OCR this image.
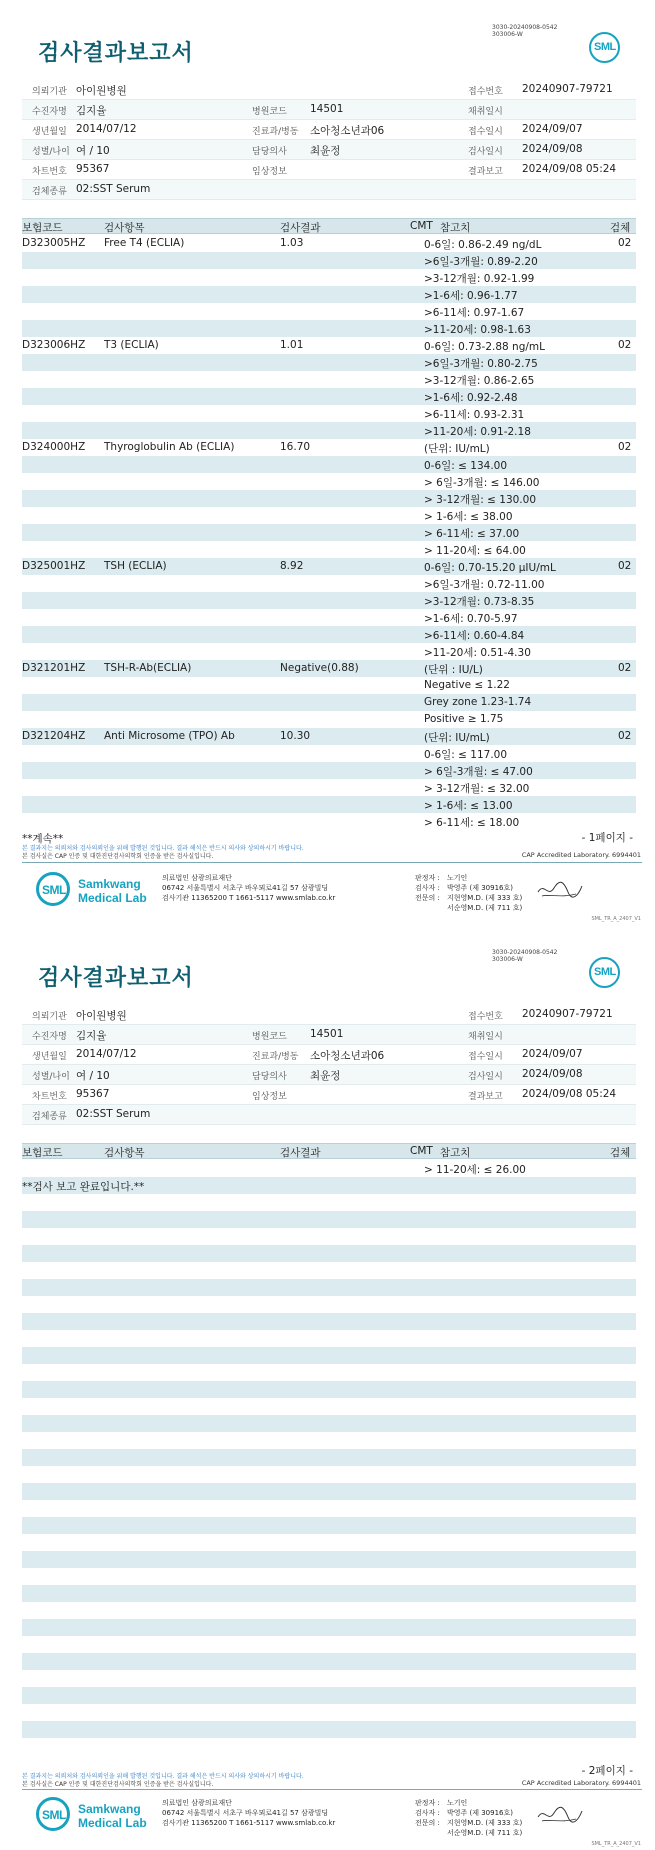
검사결과보고서
3030-20240908-0542
303006-W
SML
의뢰기관 아이원병원	접수번호 20240907-79721
수진자명 김지율	병원코드 14501	채취일시
생년월일 2014/07/12	진료과/병동 소아청소년과06	접수일시 2024/09/07
성별/나이 여 / 10	담당의사 최윤정	검사일시 2024/09/08
차트번호 95367	임상정보	결과보고 2024/09/08 05:24
검체종류 02:SST Serum
보험코드	검사항목	검사결과	CMT 참고치	검체
D323005HZ Free T4 (ECLIA)	1.03	0-6일: 0.86-2.49 ng/dL	02
>6일-3개월: 0.89-2.20
>3-12개월: 0.92-1.99
>1-6세: 0.96-1.77
>6-11세: 0.97-1.67
>11-20세: 0.98-1.63
D323006HZ T3 (ECLIA)	1.01	0-6일: 0.73-2.88 ng/mL	02
>6일-3개월: 0.80-2.75
>3-12개월: 0.86-2.65
>1-6세: 0.92-2.48
>6-11세: 0.93-2.31
>11-20세: 0.91-2.18
D324000HZ Thyroglobulin Ab (ECLIA)	16.70	(단위: IU/mL)	02
0-6일: ≤ 134.00
> 6일-3개월: ≤ 146.00
> 3-12개월: ≤ 130.00
> 1-6세: ≤ 38.00
> 6-11세: ≤ 37.00
> 11-20세: ≤ 64.00
D325001HZ TSH (ECLIA)	8.92	0-6일: 0.70-15.20 μIU/mL	02
>6일-3개월: 0.72-11.00
>3-12개월: 0.73-8.35
>1-6세: 0.70-5.97
>6-11세: 0.60-4.84
>11-20세: 0.51-4.30
D321201HZ TSH-R-Ab(ECLIA)	Negative(0.88)	(단위 : IU/L)	02
Negative ≤ 1.22
Grey zone 1.23-1.74
Positive ≥ 1.75
D321204HZ Anti Microsome (TPO) Ab	10.30	(단위: IU/mL)	02
0-6일: ≤ 117.00
> 6일-3개월: ≤ 47.00
> 3-12개월: ≤ 32.00
> 1-6세: ≤ 13.00
> 6-11세: ≤ 18.00
**계속**	- 1페이지 -
본 결과지는 의뢰처와 검사의뢰인을 위해 발행된 것입니다. 결과 해석은 반드시 의사와 상의하시기 바랍니다.
본 검사실은 CAP 인증 및 대한진단검사의학회 인증을 받은 검사실입니다.	CAP Accredited Laboratory. 6994401
SML Samkwang
Medical Lab
의료법인 삼광의료재단
06742 서울특별시 서초구 바우뫼로41길 57 삼광빌딩
검사기관 11365200 T 1661-5117 www.smlab.co.kr
판정자 :
검사자 :
전문의 :
노기인
박영주 (제 30916호)
지현영M.D. (제 333 호)
서순영M.D. (제 711 호)
SML_TR_A_2407_V1
검사결과보고서
3030-20240908-0542
303006-W
SML
의뢰기관 아이원병원	접수번호 20240907-79721
수진자명 김지율	병원코드 14501	채취일시
생년월일 2014/07/12	진료과/병동 소아청소년과06	접수일시 2024/09/07
성별/나이 여 / 10	담당의사 최윤정	검사일시 2024/09/08
차트번호 95367	임상정보	결과보고 2024/09/08 05:24
검체종류 02:SST Serum
보험코드	검사항목	검사결과	CMT 참고치	검체
> 11-20세: ≤ 26.00
**검사 보고 완료입니다.**
- 2페이지 -
본 결과지는 의뢰처와 검사의뢰인을 위해 발행된 것입니다. 결과 해석은 반드시 의사와 상의하시기 바랍니다.
본 검사실은 CAP 인증 및 대한진단검사의학회 인증을 받은 검사실입니다.	CAP Accredited Laboratory. 6994401
SML Samkwang
Medical Lab
의료법인 삼광의료재단
06742 서울특별시 서초구 바우뫼로41길 57 삼광빌딩
검사기관 11365200 T 1661-5117 www.smlab.co.kr
판정자 :
검사자 :
전문의 :
노기인
박영주 (제 30916호)
지현영M.D. (제 333 호)
서순영M.D. (제 711 호)
SML_TR_A_2407_V1
